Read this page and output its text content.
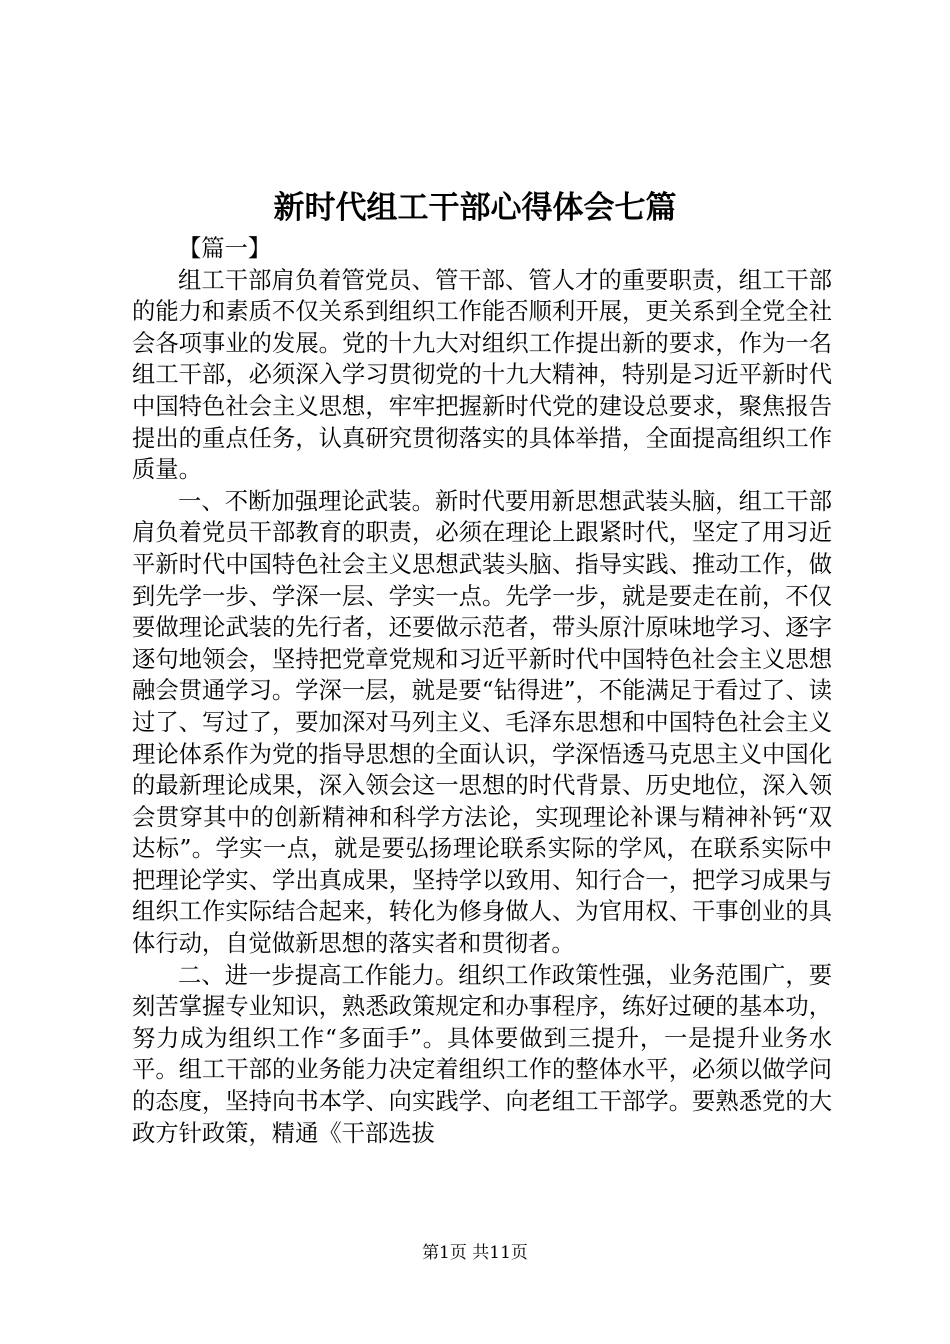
新时代组工干部心得体会七篇

【篇一】

组工干部肩负着管党员、管干部、管人才的重要职责，组工干部的能力和素质不仅关系到组织工作能否顺利开展，更关系到全党全社会各项事业的发展。党的十九大对组织工作提出新的要求，作为一名组工干部，必须深入学习贯彻党的十九大精神，特别是习近平新时代中国特色社会主义思想，牢牢把握新时代党的建设总要求，聚焦报告提出的重点任务，认真研究贯彻落实的具体举措，全面提高组织工作质量。

一、不断加强理论武装。新时代要用新思想武装头脑，组工干部肩负着党员干部教育的职责，必须在理论上跟紧时代，坚定了用习近平新时代中国特色社会主义思想武装头脑、指导实践、推动工作，做到先学一步、学深一层、学实一点。先学一步，就是要走在前，不仅要做理论武装的先行者，还要做示范者，带头原汁原味地学习、逐字逐句地领会，坚持把党章党规和习近平新时代中国特色社会主义思想融会贯通学习。学深一层，就是要“钻得进”，不能满足于看过了、读过了、写过了，要加深对马列主义、毛泽东思想和中国特色社会主义理论体系作为党的指导思想的全面认识，学深悟透马克思主义中国化的最新理论成果，深入领会这一思想的时代背景、历史地位，深入领会贯穿其中的创新精神和科学方法论，实现理论补课与精神补钙“双达标”。学实一点，就是要弘扬理论联系实际的学风，在联系实际中把理论学实、学出真成果，坚持学以致用、知行合一，把学习成果与组织工作实际结合起来，转化为修身做人、为官用权、干事创业的具体行动，自觉做新思想的落实者和贯彻者。

二、进一步提高工作能力。组织工作政策性强，业务范围广，要刻苦掌握专业知识，熟悉政策规定和办事程序，练好过硬的基本功，努力成为组织工作“多面手”。具体要做到三提升，一是提升业务水平。组工干部的业务能力决定着组织工作的整体水平，必须以做学问的态度，坚持向书本学、向实践学、向老组工干部学。要熟悉党的大政方针政策，精通《干部选拔

第1页 共11页
